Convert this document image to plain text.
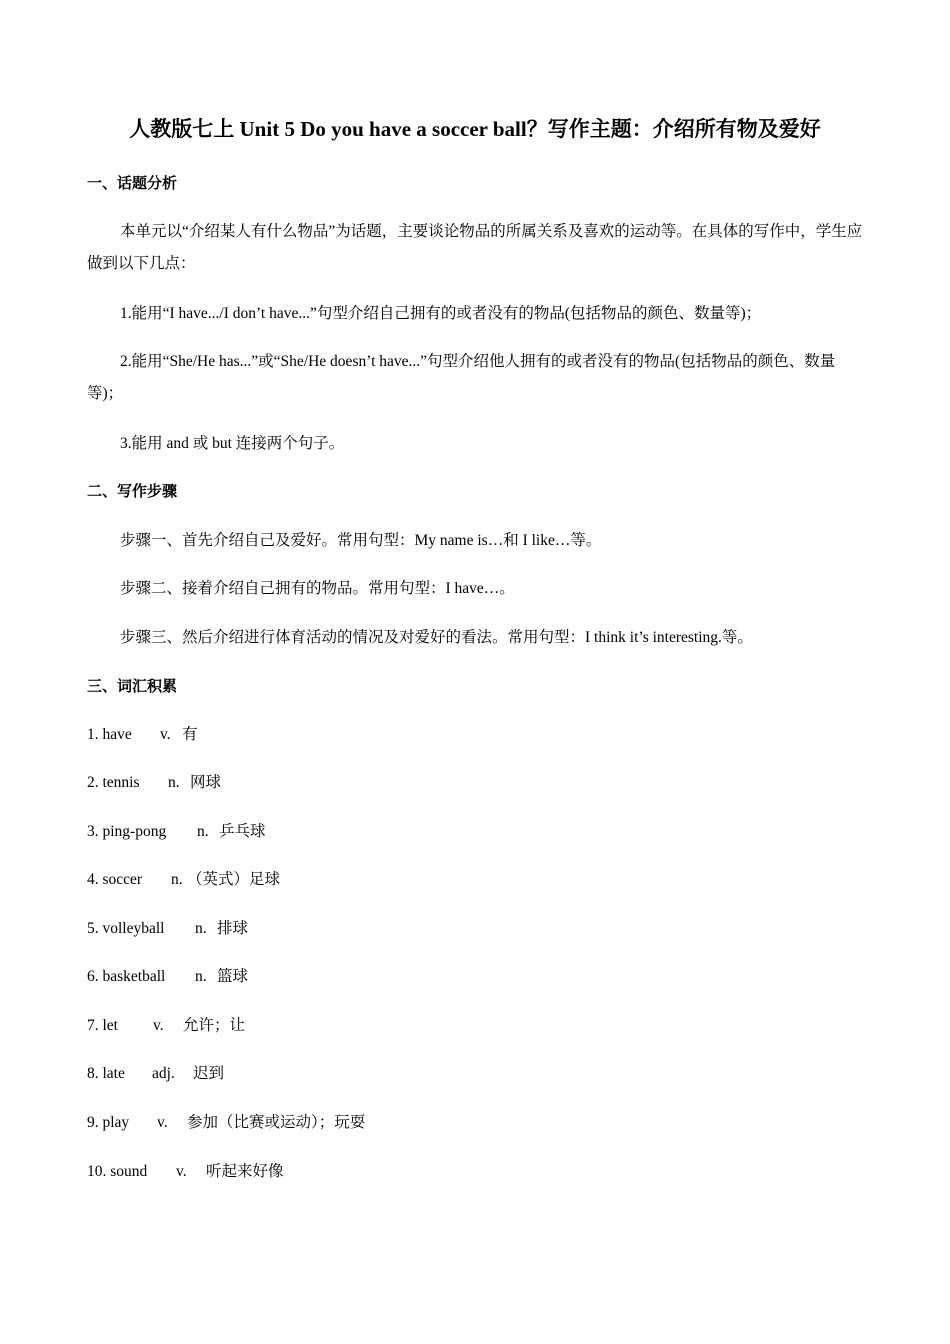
人教版七上 Unit 5 Do you have a soccer ball？写作主题：介绍所有物及爱好
一、话题分析
本单元以“介绍某人有什么物品”为话题，主要谈论物品的所属关系及喜欢的运动等。在具体的写作中，学生应做到以下几点：
1.能用“I have.../I don’t have...”句型介绍自己拥有的或者没有的物品(包括物品的颜色、数量等)；
2.能用“She/He has...”或“She/He doesn’t have...”句型介绍他人拥有的或者没有的物品(包括物品的颜色、数量等)；
3.能用 and 或 but 连接两个句子。
二、写作步骤
步骤一、首先介绍自己及爱好。常用句型：My name is…和 I like…等。
步骤二、接着介绍自己拥有的物品。常用句型：I have…。
步骤三、然后介绍进行体育活动的情况及对爱好的看法。常用句型：I think it’s interesting.等。
三、词汇积累
1. have v. 有
2. tennis n. 网球
3. ping-pong n. 乒乓球
4. soccer n. （英式）足球
5. volleyball n. 排球
6. basketball n. 篮球
7. let v. 允许；让
8. late adj. 迟到
9. play v. 参加（比赛或运动）；玩耍
10. sound v. 听起来好像
